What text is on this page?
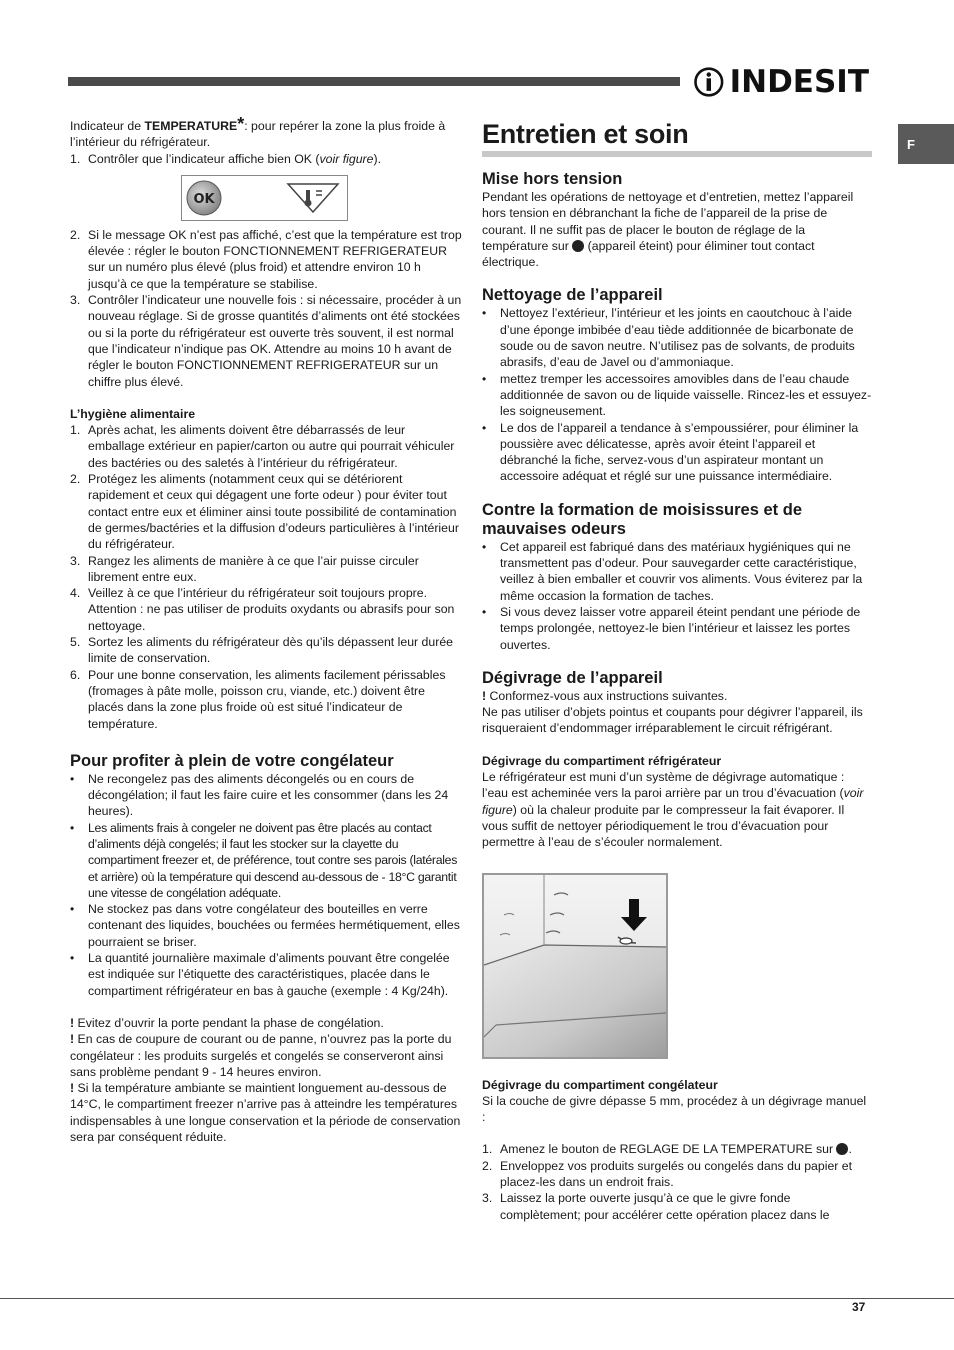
INDESIT
F

Indicateur de TEMPERATURE*: pour repérer la zone la plus froide à l’intérieur du réfrigérateur.

1. Contrôler que l’indicateur affiche bien OK (voir figure).
OK
2. Si le message OK n’est pas affiché, c’est que la température est trop élevée : régler le bouton FONCTIONNEMENT REFRIGERATEUR sur un numéro plus élevé (plus froid) et attendre environ 10 h jusqu’à ce que la température se stabilise.
3. Contrôler l’indicateur une nouvelle fois : si nécessaire, procéder à un nouveau réglage. Si de grosse quantités d’aliments ont été stockées ou si la porte du réfrigérateur est ouverte très souvent, il est normal que l’indicateur n’indique pas OK. Attendre au moins 10 h avant de régler le bouton FONCTIONNEMENT REFRIGERATEUR sur un chiffre plus élevé.
L’hygiène alimentaire
1. Après achat, les aliments doivent être débarrassés de leur emballage extérieur en papier/carton ou autre qui pourrait véhiculer des bactéries ou des saletés à l’intérieur du réfrigérateur.
2. Protégez les aliments (notamment ceux qui se détériorent rapidement et ceux qui dégagent une forte odeur ) pour éviter tout contact entre eux et éliminer ainsi toute possibilité de contamination de germes/bactéries et la diffusion d’odeurs particulières à l’intérieur du réfrigérateur.
3. Rangez les aliments de manière à ce que l’air puisse circuler librement entre eux.
4. Veillez à ce que l’intérieur du réfrigérateur soit toujours propre. Attention : ne pas utiliser de produits oxydants ou abrasifs pour son nettoyage.
5. Sortez les aliments du réfrigérateur dès qu’ils dépassent leur durée limite de conservation.
6. Pour une bonne conservation, les aliments facilement périssables (fromages à pâte molle, poisson cru, viande, etc.) doivent être placés dans la zone plus froide où est situé l’indicateur de température.
Pour profiter à plein de votre congélateur
•	Ne recongelez pas des aliments décongelés ou en cours de décongélation; il faut les faire cuire et les consommer (dans les 24 heures).
•	Les aliments frais à congeler ne doivent pas être placés au contact d’aliments déjà congelés; il faut les stocker sur la clayette du compartiment freezer et, de préférence, tout contre ses parois (latérales et arrière) où la température qui descend au-dessous de - 18°C garantit une vitesse de congélation adéquate.
•	Ne stockez pas dans votre congélateur des bouteilles en verre contenant des liquides, bouchées ou fermées hermétiquement, elles pourraient se briser.
•	La quantité journalière maximale d’aliments pouvant être congelée est indiquée sur l’étiquette des caractéristiques, placée dans le compartiment réfrigérateur en bas à gauche (exemple : 4 Kg/24h).

! Evitez d’ouvrir la porte pendant la phase de congélation.

! En cas de coupure de courant ou de panne, n’ouvrez pas la porte du congélateur : les produits surgelés et congelés se conserveront ainsi sans problème pendant 9 - 14 heures environ.

! Si la température ambiante se maintient longuement au-dessous de 14°C, le compartiment freezer n’arrive pas à atteindre les températures indispensables à une longue conservation et la période de conservation sera par conséquent réduite.

Entretien et soin
Mise hors tension

Pendant les opérations de nettoyage et d’entretien, mettez l’appareil hors tension en débranchant la fiche de l’appareil de la prise de courant. Il ne suffit pas de placer le bouton de réglage de la température sur  (appareil éteint) pour éliminer tout contact électrique.

Nettoyage de l’appareil
•	Nettoyez l’extérieur, l’intérieur et les joints en caoutchouc à l’aide d’une éponge imbibée d’eau tiède additionnée de bicarbonate de soude ou de savon neutre. N’utilisez pas de solvants, de produits abrasifs, d’eau de Javel ou d’ammoniaque.
•	mettez tremper les accessoires amovibles dans de l’eau chaude additionnée de savon ou de liquide vaisselle. Rincez-les et essuyez-les soigneusement.
•	Le dos de l’appareil a tendance à s’empoussiérer, pour éliminer la poussière avec délicatesse, après avoir éteint l’appareil et débranché la fiche, servez-vous d’un aspirateur montant un accessoire adéquat et réglé sur une puissance intermédiaire.
Contre la formation de moisissures et de mauvaises odeurs
•	Cet appareil est fabriqué dans des matériaux hygiéniques qui ne transmettent pas d’odeur. Pour sauvegarder cette caractéristique, veillez à bien emballer et couvrir vos aliments. Vous éviterez par la même occasion la formation de taches.
•	Si vous devez laisser votre appareil éteint pendant une période de temps prolongée, nettoyez-le bien l’intérieur et laissez les portes ouvertes.
Dégivrage de l’appareil

! Conformez-vous aux instructions suivantes.

Ne pas utiliser d’objets pointus et coupants pour dégivrer l’appareil, ils risqueraient d’endommager irréparablement le circuit réfrigérant.

Dégivrage du compartiment réfrigérateur

Le réfrigérateur est muni d’un système de dégivrage automatique : l’eau est acheminée vers la paroi arrière par un trou d’évacuation (voir figure) où la chaleur produite par le compresseur la fait évaporer. Il vous suffit de nettoyer périodiquement le trou d’évacuation pour permettre à l’eau de s’écouler normalement.

Dégivrage du compartiment congélateur

Si la couche de givre dépasse 5 mm, procédez à un dégivrage manuel :

1. Amenez le bouton de REGLAGE DE LA TEMPERATURE sur .
2. Enveloppez vos produits surgelés ou congelés dans du papier et placez-les dans un endroit frais.
3. Laissez la porte ouverte jusqu’à ce que le givre fonde complètement; pour accélérer cette opération placez dans le
37
